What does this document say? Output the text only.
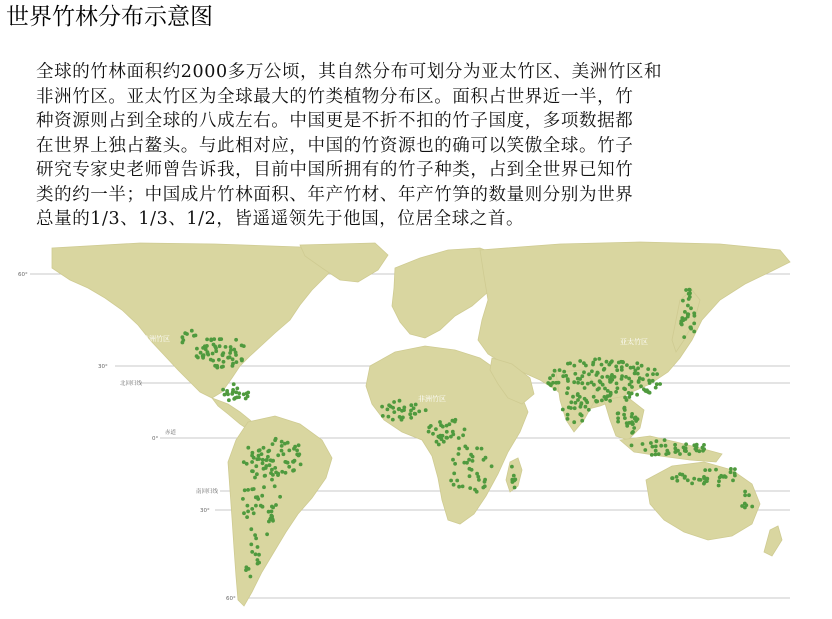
世界竹林分布示意图
全球的竹林面积约2000多万公顷，其自然分布可划分为亚太竹区、美洲竹区和
非洲竹区。亚太竹区为全球最大的竹类植物分布区。面积占世界近一半，竹
种资源则占到全球的八成左右。中国更是不折不扣的竹子国度，多项数据都
在世界上独占鳌头。与此相对应，中国的竹资源也的确可以笑傲全球。竹子
研究专家史老师曾告诉我，目前中国所拥有的竹子种类，占到全世界已知竹
类的约一半；中国成片竹林面积、年产竹材、年产竹笋的数量则分别为世界
总量的1/3、1/3、1/2，皆遥遥领先于他国，位居全球之首。
60°
30°
北回归线
0°
赤道
南回归线
30°
60°
美洲竹区
非洲竹区
亚太竹区
